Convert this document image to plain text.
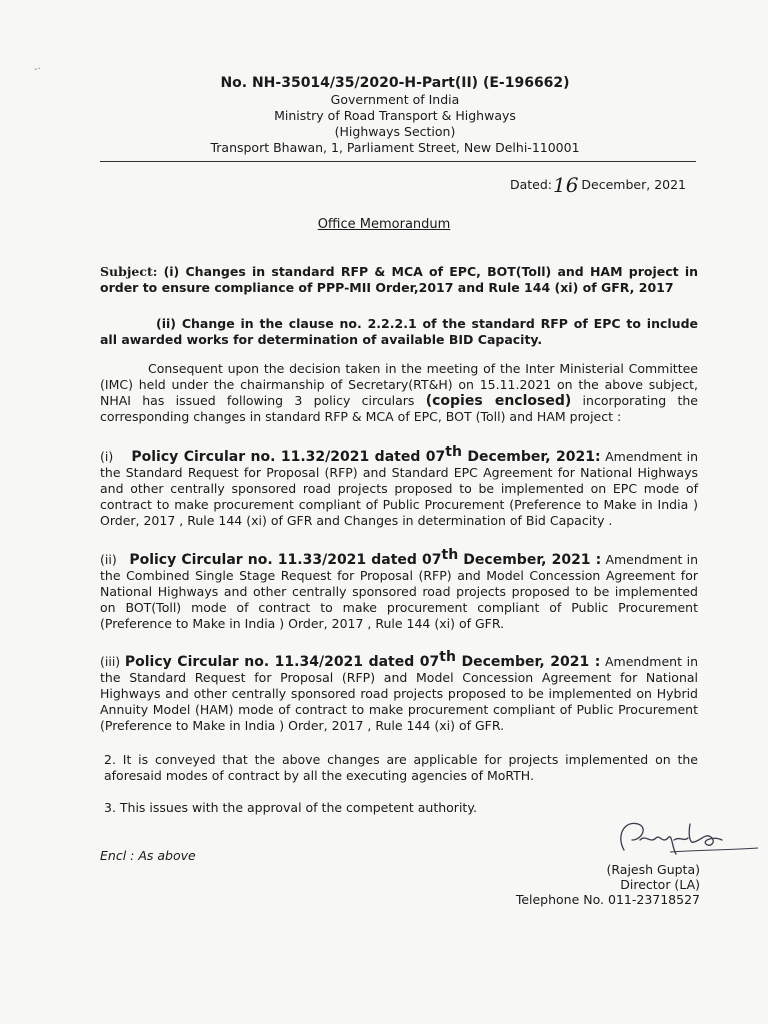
-·
No. NH-35014/35/2020-H-Part(II) (E-196662)
Government of India
Ministry of Road Transport & Highways
(Highways Section)
Transport Bhawan, 1, Parliament Street, New Delhi-110001
Dated:16 December, 2021
Office Memorandum
Subject: (i) Changes in standard RFP & MCA of EPC, BOT(Toll) and HAM project in order to ensure compliance of PPP-MII Order,2017 and Rule 144 (xi) of GFR, 2017
(ii) Change in the clause no. 2.2.2.1 of the standard RFP of EPC to include all awarded works for determination of available BID Capacity.
Consequent upon the decision taken in the meeting of the Inter Ministerial Committee (IMC) held under the chairmanship of Secretary(RT&H) on 15.11.2021 on the above subject, NHAI has issued following 3 policy circulars (copies enclosed) incorporating the corresponding changes in standard RFP & MCA of EPC, BOT (Toll) and HAM project :
(i) Policy Circular no. 11.32/2021 dated 07th December, 2021: Amendment in the Standard Request for Proposal (RFP) and Standard EPC Agreement for National Highways and other centrally sponsored road projects proposed to be implemented on EPC mode of contract to make procurement compliant of Public Procurement (Preference to Make in India ) Order, 2017 , Rule 144 (xi) of GFR and Changes in determination of Bid Capacity .
(ii) Policy Circular no. 11.33/2021 dated 07th December, 2021 : Amendment in the Combined Single Stage Request for Proposal (RFP) and Model Concession Agreement for National Highways and other centrally sponsored road projects proposed to be implemented on BOT(Toll) mode of contract to make procurement compliant of Public Procurement (Preference to Make in India ) Order, 2017 , Rule 144 (xi) of GFR.
(iii) Policy Circular no. 11.34/2021 dated 07th December, 2021 : Amendment in the Standard Request for Proposal (RFP) and Model Concession Agreement for National Highways and other centrally sponsored road projects proposed to be implemented on Hybrid Annuity Model (HAM) mode of contract to make procurement compliant of Public Procurement (Preference to Make in India ) Order, 2017 , Rule 144 (xi) of GFR.
2. It is conveyed that the above changes are applicable for projects implemented on the aforesaid modes of contract by all the executing agencies of MoRTH.
3. This issues with the approval of the competent authority.
Encl : As above
(Rajesh Gupta)
Director (LA)
Telephone No. 011-23718527
